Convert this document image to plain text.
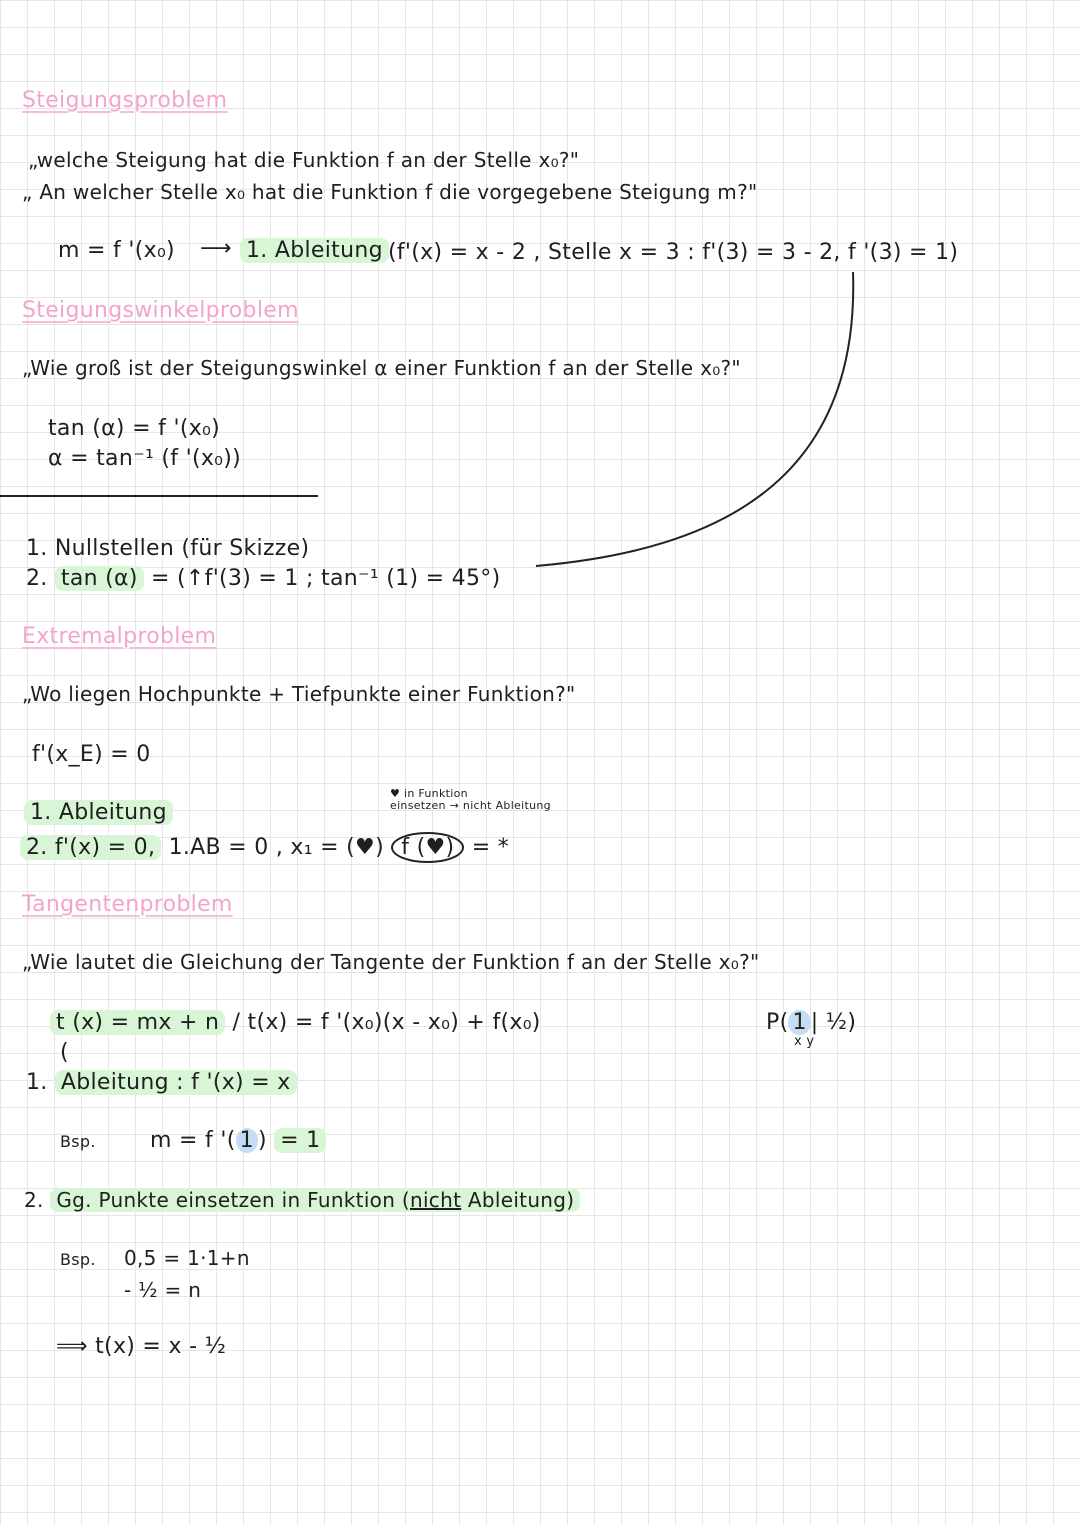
Steigungsproblem
„welche Steigung hat die Funktion f an der Stelle x₀?"
„ An welcher Stelle x₀ hat die Funktion f die vorgegebene Steigung m?"
m = f '(x₀) ⟶ 1. Ableitung (f'(x) = x - 2 , Stelle x = 3 : f'(3) = 3 - 2, f '(3) = 1)
Steigungswinkelproblem
„Wie groß ist der Steigungswinkel α einer Funktion f an der Stelle x₀?"
tan (α) = f '(x₀)
α = tan⁻¹ (f '(x₀))
1. Nullstellen (für Skizze)
2. tan (α) = (↑f'(3) = 1 ; tan⁻¹ (1) = 45°)
Extremalproblem
„Wo liegen Hochpunkte + Tiefpunkte einer Funktion?"
f'(x_E) = 0
♥ in Funktion
einsetzen → nicht Ableitung
1. Ableitung
2. f'(x) = 0, 1.AB = 0 , x₁ = (♥) f (♥) = *
Tangentenproblem
„Wie lautet die Gleichung der Tangente der Funktion f an der Stelle x₀?"
t (x) = mx + n / t(x) = f '(x₀)(x - x₀) + f(x₀)	P( 1 | ½)
x y
(
1. Ableitung : f '(x) = x
Bsp. m = f '( 1 ) = 1
2. Gg. Punkte einsetzen in Funktion (nicht Ableitung)
Bsp. 0,5 = 1·1+n
- ½ = n
⟹ t(x) = x - ½
